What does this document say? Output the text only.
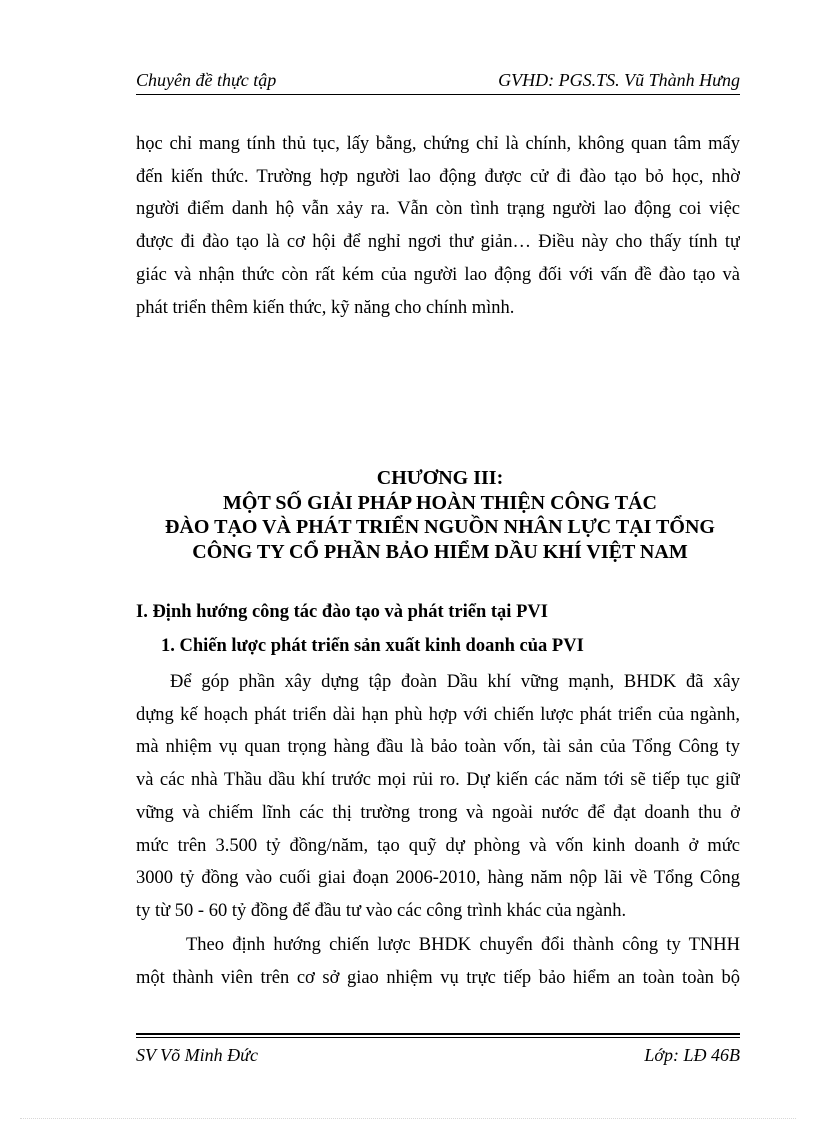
Chuyên đề thực tập	GVHD: PGS.TS. Vũ Thành Hưng
học chỉ mang tính thủ tục, lấy bằng, chứng chỉ là chính, không quan tâm mấy
đến kiến thức. Trường hợp người lao động được cử đi đào tạo bỏ học, nhờ
người điểm danh hộ vẫn xảy ra. Vẫn còn tình trạng người lao động coi việc
được đi đào tạo là cơ hội để nghỉ ngơi thư giản… Điều này cho thấy tính tự
giác và nhận thức còn rất kém của người lao động đối với vấn đề đào tạo và
phát triển thêm kiến thức, kỹ năng cho chính mình.
CHƯƠNG III:
MỘT SỐ GIẢI PHÁP HOÀN THIỆN CÔNG TÁC
ĐÀO TẠO VÀ PHÁT TRIỂN NGUỒN NHÂN LỰC TẠI TỔNG
CÔNG TY CỔ PHẦN BẢO HIỂM DẦU KHÍ VIỆT NAM
I. Định hướng công tác đào tạo và phát triển tại PVI
1. Chiến lược phát triển sản xuất kinh doanh của PVI
Để góp phần xây dựng tập đoàn Dầu khí vững mạnh, BHDK đã xây
dựng kế hoạch phát triển dài hạn phù hợp với chiến lược phát triển của ngành,
mà nhiệm vụ quan trọng hàng đầu là bảo toàn vốn, tài sản của Tổng Công ty
và các nhà Thầu dầu khí trước mọi rủi ro. Dự kiến các năm tới sẽ tiếp tục giữ
vững và chiếm lĩnh các thị trường trong và ngoài nước để đạt doanh thu ở
mức trên 3.500 tỷ đồng/năm, tạo quỹ dự phòng và vốn kinh doanh ở mức
3000 tỷ đồng vào cuối giai đoạn 2006-2010, hàng năm nộp lãi về Tổng Công
ty từ 50 - 60 tỷ đồng để đầu tư vào các công trình khác của ngành.
Theo định hướng chiến lược BHDK chuyển đổi thành công ty TNHH
một thành viên trên cơ sở giao nhiệm vụ trực tiếp bảo hiểm an toàn toàn bộ
SV Võ Minh Đức	Lớp: LĐ 46B
